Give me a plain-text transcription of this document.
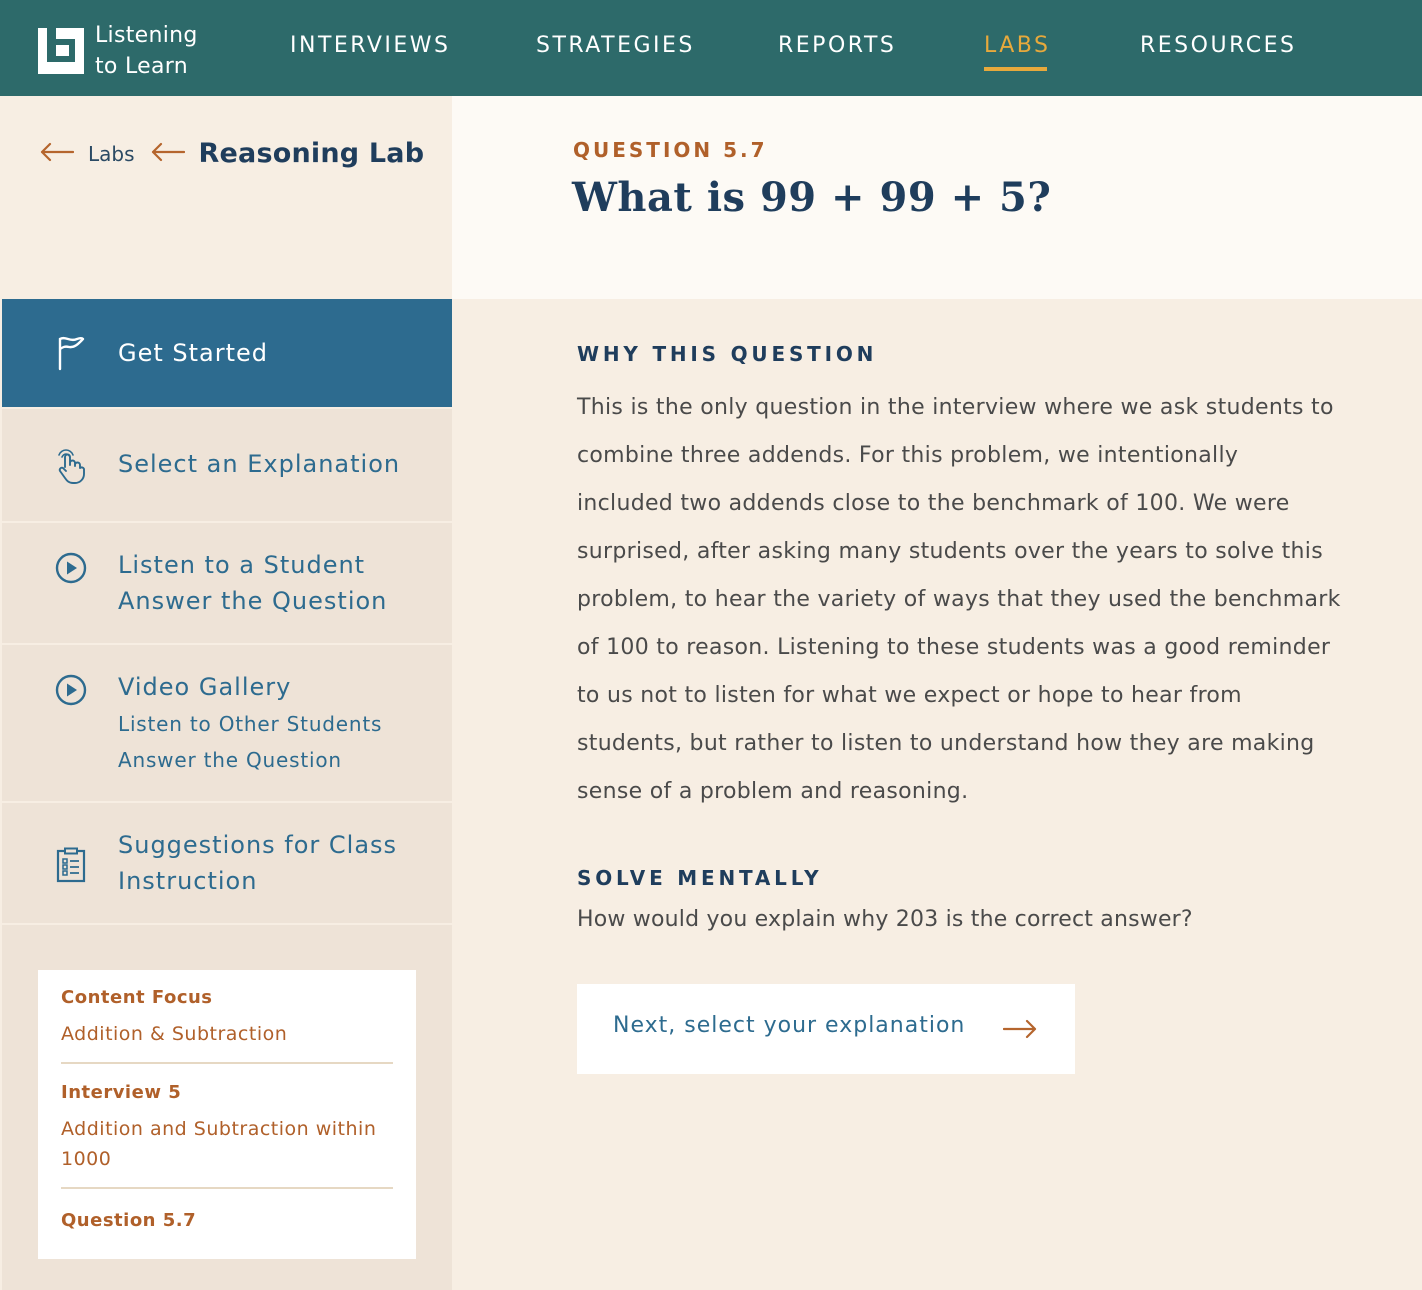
Listening
to Learn
INTERVIEWS	STRATEGIES	REPORTS	LABS	RESOURCES
Labs Reasoning Lab
Get Started
Select an Explanation
Listen to a Student
Answer the Question
Video Gallery
Listen to Other Students
Answer the Question
Suggestions for Class
Instruction
Content Focus
Addition & Subtraction
Interview 5
Addition and Subtraction within
1000
Question 5.7
QUESTION 5.7
What is 99 + 99 + 5?
WHY THIS QUESTION
This is the only question in the interview where we ask students to
combine three addends. For this problem, we intentionally
included two addends close to the benchmark of 100. We were
surprised, after asking many students over the years to solve this
problem, to hear the variety of ways that they used the benchmark
of 100 to reason. Listening to these students was a good reminder
to us not to listen for what we expect or hope to hear from
students, but rather to listen to understand how they are making
sense of a problem and reasoning.
SOLVE MENTALLY

How would you explain why 203 is the correct answer?

Next, select your explanation
